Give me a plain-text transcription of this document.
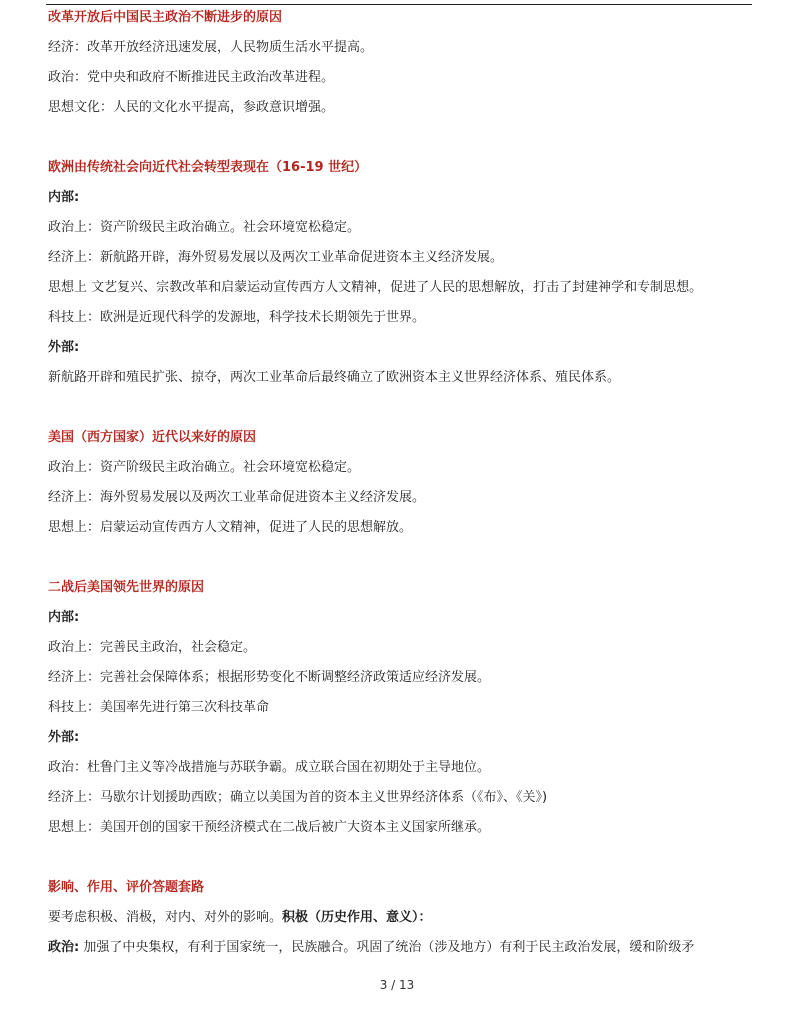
改革开放后中国民主政治不断进步的原因
经济：改革开放经济迅速发展，人民物质生活水平提高。
政治：党中央和政府不断推进民主政治改革进程。
思想文化：人民的文化水平提高，参政意识增强。
欧洲由传统社会向近代社会转型表现在（16-19 世纪）
内部:
政治上：资产阶级民主政治确立。社会环境宽松稳定。
经济上：新航路开辟，海外贸易发展以及两次工业革命促进资本主义经济发展。
思想上 文艺复兴、宗教改革和启蒙运动宣传西方人文精神，促进了人民的思想解放，打击了封建神学和专制思想。
科技上：欧洲是近现代科学的发源地，科学技术长期领先于世界。
外部:
新航路开辟和殖民扩张、掠夺，两次工业革命后最终确立了欧洲资本主义世界经济体系、殖民体系。
美国（西方国家）近代以来好的原因
政治上：资产阶级民主政治确立。社会环境宽松稳定。
经济上：海外贸易发展以及两次工业革命促进资本主义经济发展。
思想上：启蒙运动宣传西方人文精神，促进了人民的思想解放。
二战后美国领先世界的原因
内部:
政治上：完善民主政治，社会稳定。
经济上：完善社会保障体系；根据形势变化不断调整经济政策适应经济发展。
科技上：美国率先进行第三次科技革命
外部:
政治：杜鲁门主义等冷战措施与苏联争霸。成立联合国在初期处于主导地位。
经济上：马歇尔计划援助西欧；确立以美国为首的资本主义世界经济体系（《布》、《关》)
思想上：美国开创的国家干预经济模式在二战后被广大资本主义国家所继承。
影响、作用、评价答题套路
要考虑积极、消极，对内、对外的影响。积极（历史作用、意义）：
政治: 加强了中央集权，有利于国家统一，民族融合。巩固了统治（涉及地方）有利于民主政治发展，缓和阶级矛
3 / 13
